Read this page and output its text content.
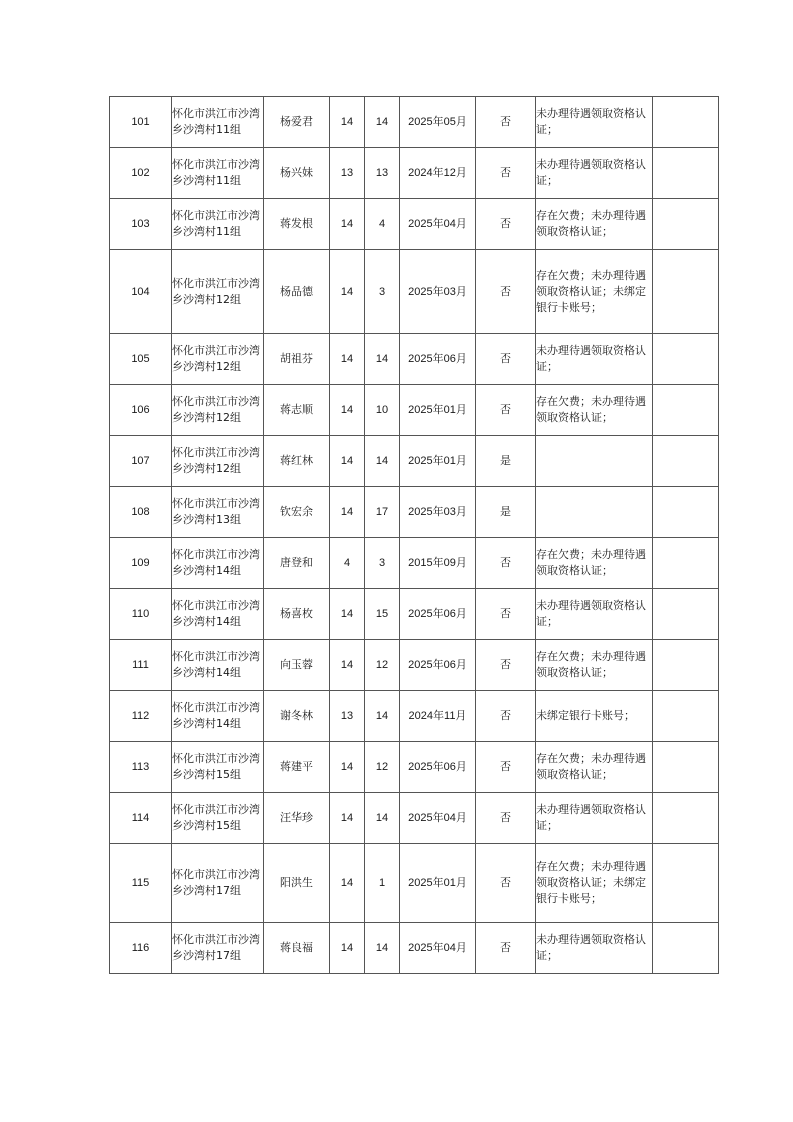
101	怀化市洪江市沙湾乡沙湾村11组	杨爱君	14	14	2025年05月	否	未办理待遇领取资格认证；	
102	怀化市洪江市沙湾乡沙湾村11组	杨兴妹	13	13	2024年12月	否	未办理待遇领取资格认证；	
103	怀化市洪江市沙湾乡沙湾村11组	蒋发根	14	4	2025年04月	否	存在欠费；未办理待遇领取资格认证；	
104	怀化市洪江市沙湾乡沙湾村12组	杨品德	14	3	2025年03月	否	存在欠费；未办理待遇领取资格认证；未绑定银行卡账号；	
105	怀化市洪江市沙湾乡沙湾村12组	胡祖芬	14	14	2025年06月	否	未办理待遇领取资格认证；	
106	怀化市洪江市沙湾乡沙湾村12组	蒋志顺	14	10	2025年01月	否	存在欠费；未办理待遇领取资格认证；	
107	怀化市洪江市沙湾乡沙湾村12组	蒋红林	14	14	2025年01月	是		
108	怀化市洪江市沙湾乡沙湾村13组	钦宏余	14	17	2025年03月	是		
109	怀化市洪江市沙湾乡沙湾村14组	唐登和	4	3	2015年09月	否	存在欠费；未办理待遇领取资格认证；	
110	怀化市洪江市沙湾乡沙湾村14组	杨喜枚	14	15	2025年06月	否	未办理待遇领取资格认证；	
111	怀化市洪江市沙湾乡沙湾村14组	向玉蓉	14	12	2025年06月	否	存在欠费；未办理待遇领取资格认证；	
112	怀化市洪江市沙湾乡沙湾村14组	谢冬林	13	14	2024年11月	否	未绑定银行卡账号；	
113	怀化市洪江市沙湾乡沙湾村15组	蒋建平	14	12	2025年06月	否	存在欠费；未办理待遇领取资格认证；	
114	怀化市洪江市沙湾乡沙湾村15组	汪华珍	14	14	2025年04月	否	未办理待遇领取资格认证；	
115	怀化市洪江市沙湾乡沙湾村17组	阳洪生	14	1	2025年01月	否	存在欠费；未办理待遇领取资格认证；未绑定银行卡账号；	
116	怀化市洪江市沙湾乡沙湾村17组	蒋良福	14	14	2025年04月	否	未办理待遇领取资格认证；	
